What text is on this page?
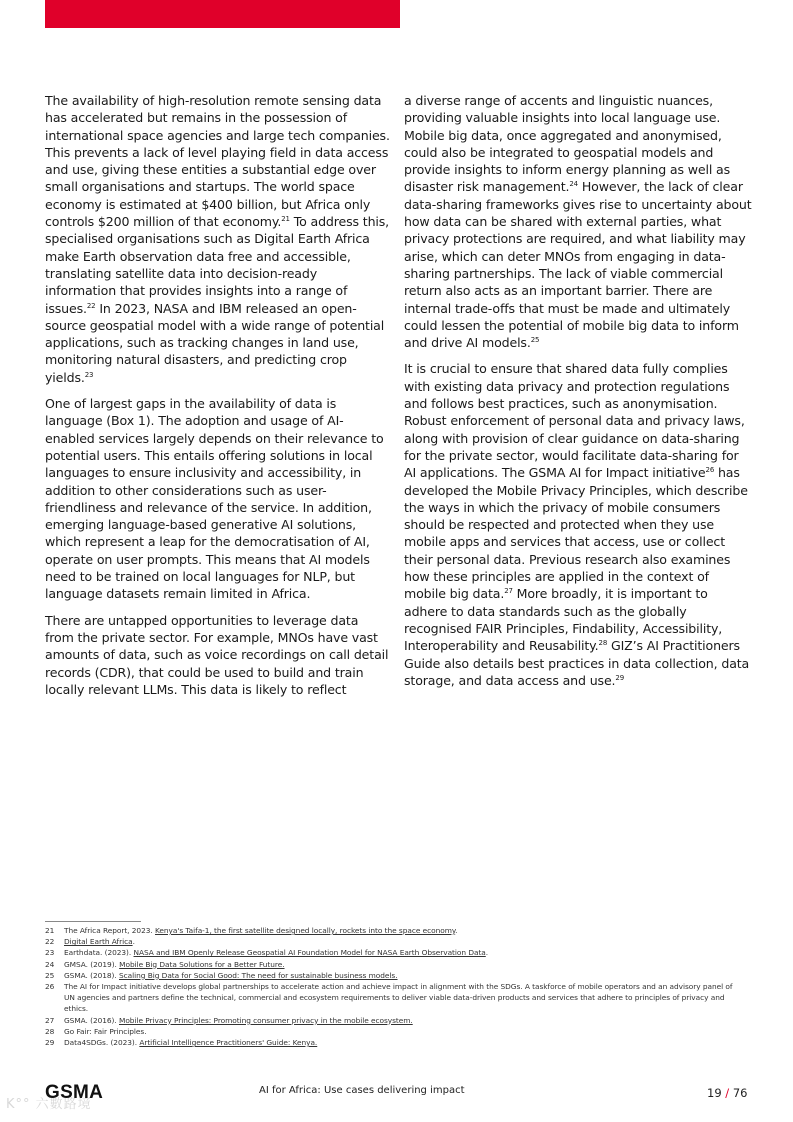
The availability of high-resolution remote sensing data has accelerated but remains in the possession of international space agencies and large tech companies. This prevents a lack of level playing field in data access and use, giving these entities a substantial edge over small organisations and startups. The world space economy is estimated at $400 billion, but Africa only controls $200 million of that economy.$^{21}$ To address this, specialised organisations such as Digital Earth Africa make Earth observation data free and accessible, translating satellite data into decision-ready information that provides insights into a range of issues.$^{22}$ In 2023, NASA and IBM released an open-source geospatial model with a wide range of potential applications, such as tracking changes in land use, monitoring natural disasters, and predicting crop yields.$^{23}$

One of largest gaps in the availability of data is language (Box 1). The adoption and usage of AI-enabled services largely depends on their relevance to potential users. This entails offering solutions in local languages to ensure inclusivity and accessibility, in addition to other considerations such as user-friendliness and relevance of the service. In addition, emerging language-based generative AI solutions, which represent a leap for the democratisation of AI, operate on user prompts. This means that AI models need to be trained on local languages for NLP, but language datasets remain limited in Africa.

There are untapped opportunities to leverage data from the private sector. For example, MNOs have vast amounts of data, such as voice recordings on call detail records (CDR), that could be used to build and train locally relevant LLMs. This data is likely to reflect

a diverse range of accents and linguistic nuances, providing valuable insights into local language use. Mobile big data, once aggregated and anonymised, could also be integrated to geospatial models and provide insights to inform energy planning as well as disaster risk management.$^{24}$ However, the lack of clear data-sharing frameworks gives rise to uncertainty about how data can be shared with external parties, what privacy protections are required, and what liability may arise, which can deter MNOs from engaging in data-sharing partnerships. The lack of viable commercial return also acts as an important barrier. There are internal trade-offs that must be made and ultimately could lessen the potential of mobile big data to inform and drive AI models.$^{25}$

It is crucial to ensure that shared data fully complies with existing data privacy and protection regulations and follows best practices, such as anonymisation. Robust enforcement of personal data and privacy laws, along with provision of clear guidance on data-sharing for the private sector, would facilitate data-sharing for AI applications. The GSMA AI for Impact initiative$^{26}$ has developed the Mobile Privacy Principles, which describe the ways in which the privacy of mobile consumers should be respected and protected when they use mobile apps and services that access, use or collect their personal data. Previous research also examines how these principles are applied in the context of mobile big data.$^{27}$ More broadly, it is important to adhere to data standards such as the globally recognised FAIR Principles, Findability, Accessibility, Interoperability and Reusability.$^{28}$ GIZ’s AI Practitioners Guide also details best practices in data collection, data storage, and data access and use.$^{29}$

21	The Africa Report, 2023. Kenya's Taifa-1, the first satellite designed locally, rockets into the space economy.
22	Digital Earth Africa.
23	Earthdata. (2023). NASA and IBM Openly Release Geospatial AI Foundation Model for NASA Earth Observation Data.
24	GMSA. (2019). Mobile Big Data Solutions for a Better Future.
25	GSMA. (2018). Scaling Big Data for Social Good: The need for sustainable business models.
26	The AI for Impact initiative develops global partnerships to accelerate action and achieve impact in alignment with the SDGs. A taskforce of mobile operators and an advisory panel of UN agencies and partners define the technical, commercial and ecosystem requirements to deliver viable data-driven products and services that adhere to principles of privacy and ethics.
27	GSMA. (2016). Mobile Privacy Principles: Promoting consumer privacy in the mobile ecosystem.
28	Go Fair: Fair Principles.
29	Data4SDGs. (2023). Artificial Intelligence Practitioners' Guide: Kenya.
K°° 六數路境
GSMA	AI for Africa: Use cases delivering impact	19 / 76
